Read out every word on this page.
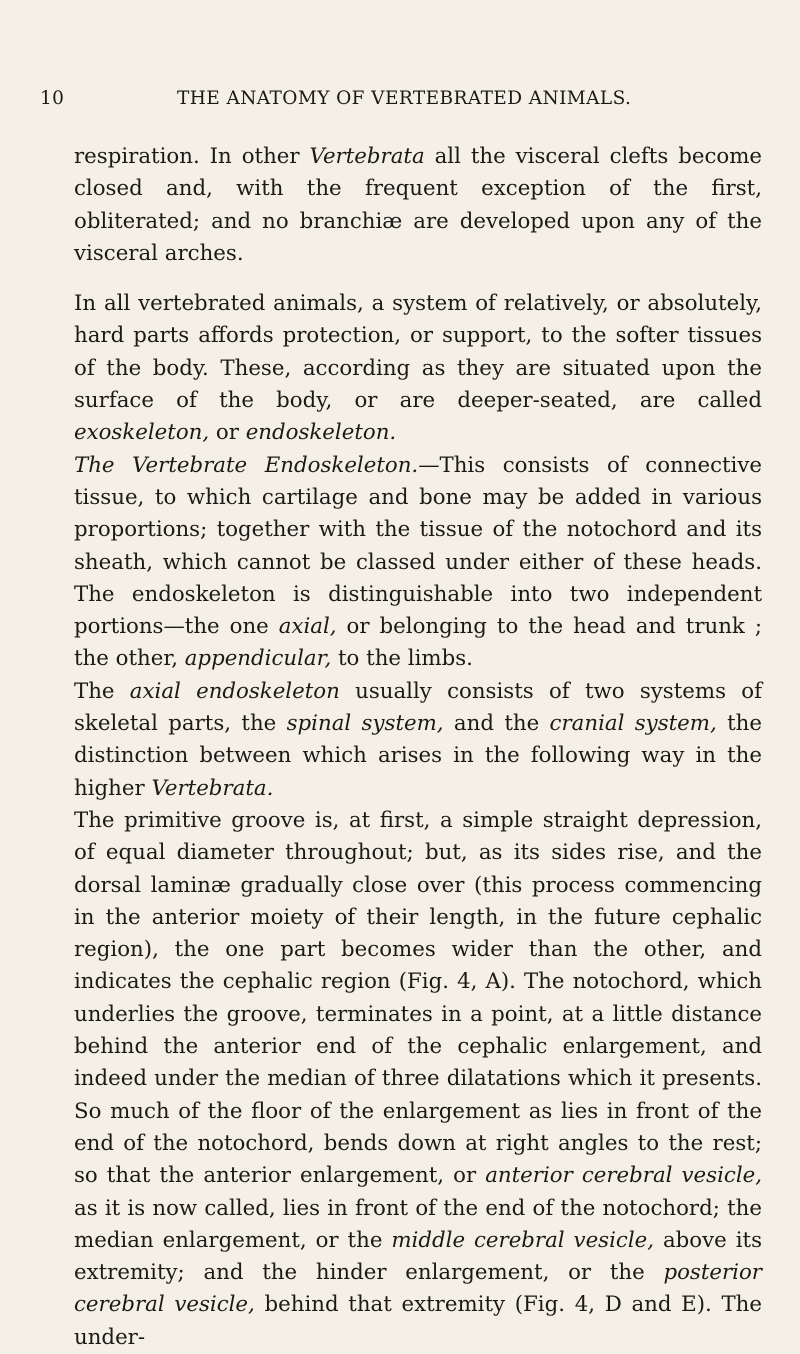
10	THE ANATOMY OF VERTEBRATED ANIMALS.

respiration. In other Vertebrata all the visceral clefts become closed and, with the frequent exception of the first, obliterated; and no branchiæ are developed upon any of the visceral arches.

In all vertebrated animals, a system of relatively, or absolutely, hard parts affords protection, or support, to the softer tissues of the body. These, according as they are situated upon the surface of the body, or are deeper-seated, are called exoskeleton, or endoskeleton.

The Vertebrate Endoskeleton.—This consists of connective tissue, to which cartilage and bone may be added in various proportions; together with the tissue of the notochord and its sheath, which cannot be classed under either of these heads. The endoskeleton is distinguishable into two independent portions—the one axial, or belonging to the head and trunk ; the other, appendicular, to the limbs.

The axial endoskeleton usually consists of two systems of skeletal parts, the spinal system, and the cranial system, the distinction between which arises in the following way in the higher Vertebrata.

The primitive groove is, at first, a simple straight depression, of equal diameter throughout; but, as its sides rise, and the dorsal laminæ gradually close over (this process commencing in the anterior moiety of their length, in the future cephalic region), the one part becomes wider than the other, and indicates the cephalic region (Fig. 4, A). The notochord, which underlies the groove, terminates in a point, at a little distance behind the anterior end of the cephalic enlargement, and indeed under the median of three dilatations which it presents. So much of the floor of the enlargement as lies in front of the end of the notochord, bends down at right angles to the rest; so that the anterior enlargement, or anterior cerebral vesicle, as it is now called, lies in front of the end of the notochord; the median enlargement, or the middle cerebral vesicle, above its extremity; and the hinder enlargement, or the posterior cerebral vesicle, behind that extremity (Fig. 4, D and E). The under-
